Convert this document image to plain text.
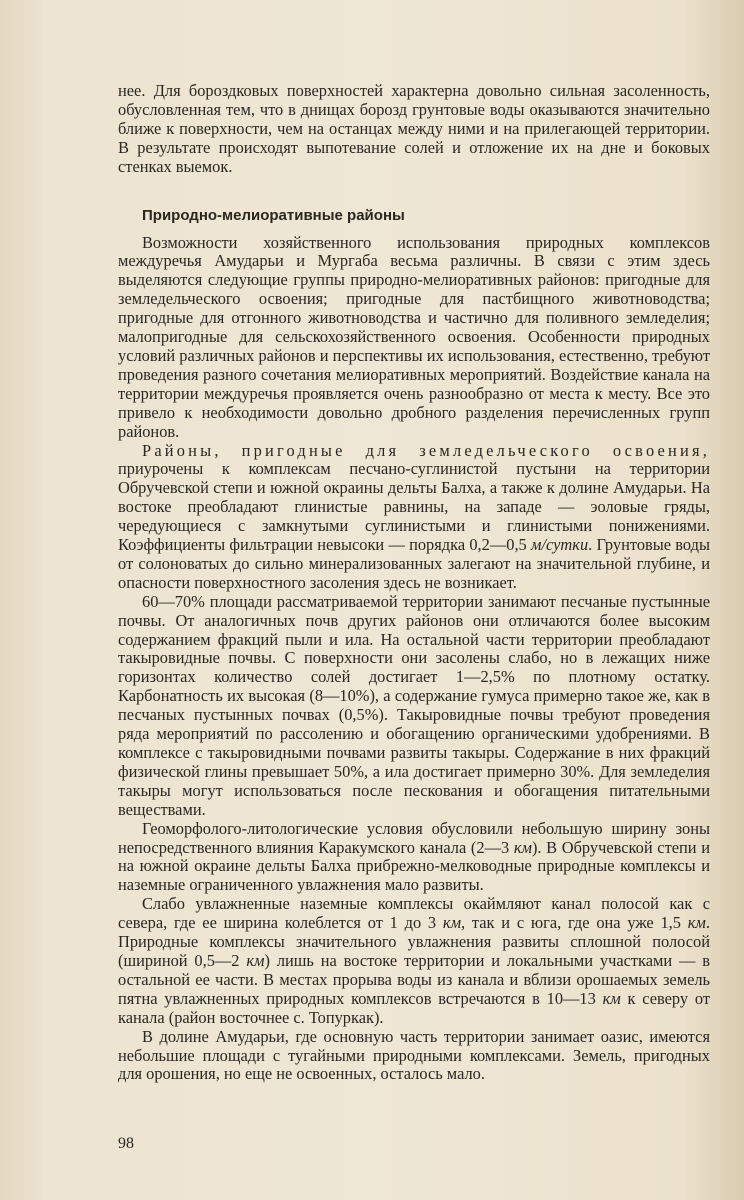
нее. Для бороздковых поверхностей характерна довольно сильная засоленность, обусловленная тем, что в днищах борозд грунтовые воды оказываются значительно ближе к поверхности, чем на останцах между ними и на прилегающей территории. В результате происходят выпотевание солей и отложение их на дне и боковых стенках выемок.

Природно-мелиоративные районы

Возможности хозяйственного использования природных комплексов междуречья Амударьи и Мургаба весьма различны. В связи с этим здесь выделяются следующие группы природно-мелиоративных районов: пригодные для земледельческого освоения; пригодные для пастбищного животноводства; пригодные для отгонного животноводства и частично для поливного земледелия; малопригодные для сельскохозяйственного освоения. Особенности природных условий различных районов и перспективы их использования, естественно, требуют проведения разного сочетания мелиоративных мероприятий. Воздействие канала на территории междуречья проявляется очень разнообразно от места к месту. Все это привело к необходимости довольно дробного разделения перечисленных групп районов.

Районы, пригодные для земледельческого освоения, приурочены к комплексам песчано-суглинистой пустыни на территории Обручевской степи и южной окраины дельты Балха, а также к долине Амударьи. На востоке преобладают глинистые равнины, на западе — эоловые гряды, чередующиеся с замкнутыми суглинистыми и глинистыми понижениями. Коэффициенты фильтрации невысоки — порядка 0,2—0,5 м/сутки. Грунтовые воды от солоноватых до сильно минерализованных залегают на значительной глубине, и опасности поверхностного засоления здесь не возникает.

60—70% площади рассматриваемой территории занимают песчаные пустынные почвы. От аналогичных почв других районов они отличаются более высоким содержанием фракций пыли и ила. На остальной части территории преобладают такыровидные почвы. С поверхности они засолены слабо, но в лежащих ниже горизонтах количество солей достигает 1—2,5% по плотному остатку. Карбонатность их высокая (8—10%), а содержание гумуса примерно такое же, как в песчаных пустынных почвах (0,5%). Такыровидные почвы требуют проведения ряда мероприятий по рассолению и обогащению органическими удобрениями. В комплексе с такыровидными почвами развиты такыры. Содержание в них фракций физической глины превышает 50%, а ила достигает примерно 30%. Для земледелия такыры могут использоваться после пескования и обогащения питательными веществами.

Геоморфолого-литологические условия обусловили небольшую ширину зоны непосредственного влияния Каракумского канала (2—3 км). В Обручевской степи и на южной окраине дельты Балха прибрежно-мелководные природные комплексы и наземные ограниченного увлажнения мало развиты.

Слабо увлажненные наземные комплексы окаймляют канал полосой как с севера, где ее ширина колеблется от 1 до 3 км, так и с юга, где она уже 1,5 км. Природные комплексы значительного увлажнения развиты сплошной полосой (шириной 0,5—2 км) лишь на востоке территории и локальными участками — в остальной ее части. В местах прорыва воды из канала и вблизи орошаемых земель пятна увлажненных природных комплексов встречаются в 10—13 км к северу от канала (район восточнее с. Топуркак).

В долине Амударьи, где основную часть территории занимает оазис, имеются небольшие площади с тугайными природными комплексами. Земель, пригодных для орошения, но еще не освоенных, осталось мало.

98
